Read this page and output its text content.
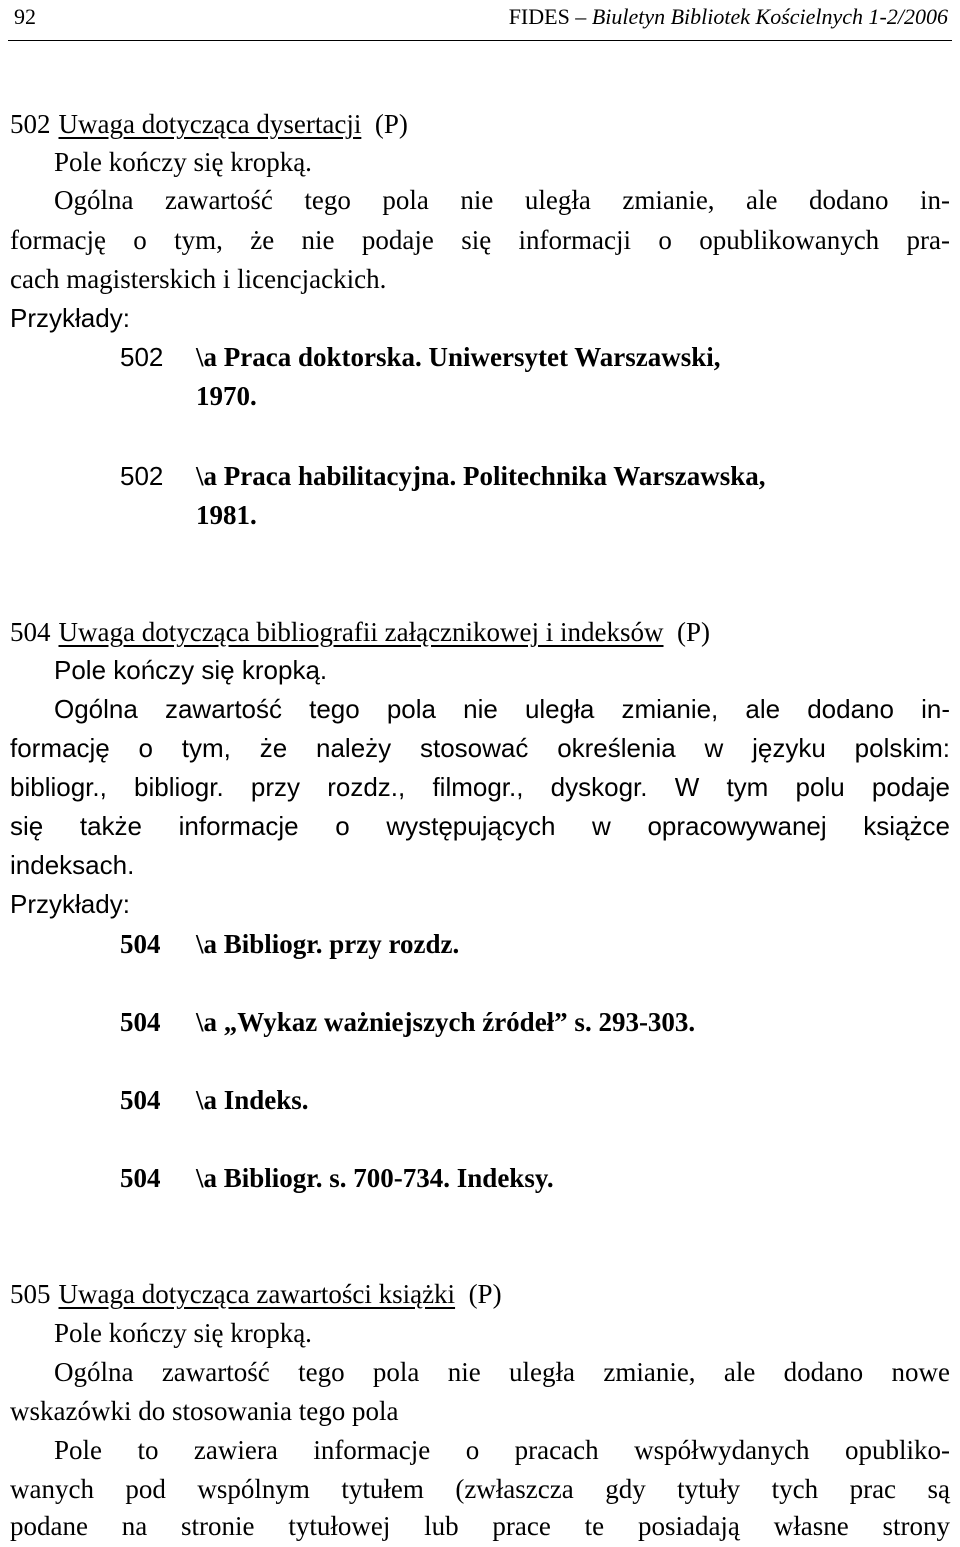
92	FIDES – Biuletyn Bibliotek Kościelnych 1-2/2006
502 Uwaga dotycząca dysertacji (P)
Pole kończy się kropką.
Ogólna zawartość tego pola nie uległa zmianie, ale dodano in-
formację o tym, że nie podaje się informacji o opublikowanych pra-
cach magisterskich i licencjackich.
Przykłady:
502 \a Praca doktorska. Uniwersytet Warszawski,
1970.
502 \a Praca habilitacyjna. Politechnika Warszawska,
1981.
504 Uwaga dotycząca bibliografii załącznikowej i indeksów (P)
Pole kończy się kropką.
Ogólna zawartość tego pola nie uległa zmianie, ale dodano in-
formację o tym, że należy stosować określenia w języku polskim:
bibliogr., bibliogr. przy rozdz., filmogr., dyskogr. W tym polu podaje
się także informacje o występujących w opracowywanej książce
indeksach.
Przykłady:
504 \a Bibliogr. przy rozdz.
504 \a „Wykaz ważniejszych źródeł” s. 293-303.
504 \a Indeks.
504 \a Bibliogr. s. 700-734. Indeksy.
505 Uwaga dotycząca zawartości książki (P)
Pole kończy się kropką.
Ogólna zawartość tego pola nie uległa zmianie, ale dodano nowe
wskazówki do stosowania tego pola
Pole to zawiera informacje o pracach współwydanych opubliko-
wanych pod wspólnym tytułem (zwłaszcza gdy tytuły tych prac są
podane na stronie tytułowej lub prace te posiadają własne strony
